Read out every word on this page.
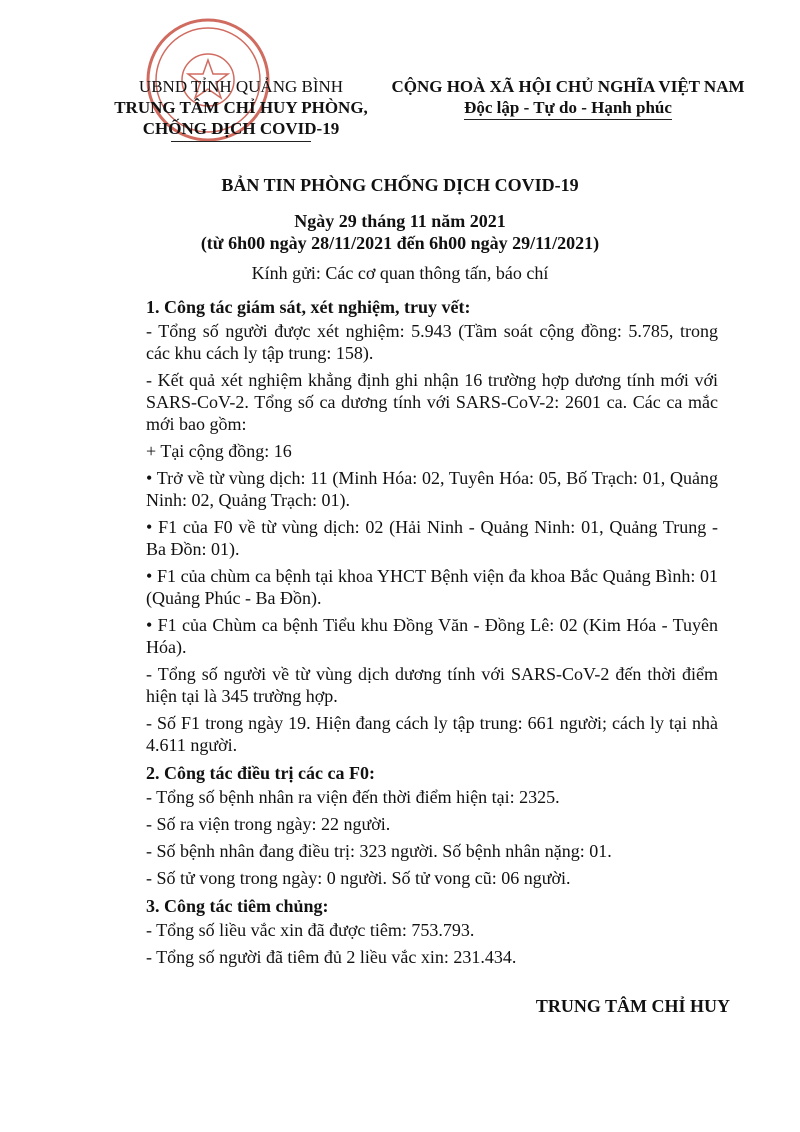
UBND TỈNH QUẢNG BÌNH
TRUNG TÂM CHỈ HUY PHÒNG,
CHỐNG DỊCH COVID-19
CỘNG HOÀ XÃ HỘI CHỦ NGHĨA VIỆT NAM
Độc lập - Tự do - Hạnh phúc
BẢN TIN PHÒNG CHỐNG DỊCH COVID-19
Ngày 29 tháng 11 năm 2021
(từ 6h00 ngày 28/11/2021 đến 6h00 ngày 29/11/2021)
Kính gửi: Các cơ quan thông tấn, báo chí
1. Công tác giám sát, xét nghiệm, truy vết:
- Tổng số người được xét nghiệm: 5.943 (Tầm soát cộng đồng: 5.785, trong các khu cách ly tập trung: 158).
- Kết quả xét nghiệm khẳng định ghi nhận 16 trường hợp dương tính mới với SARS-CoV-2. Tổng số ca dương tính với SARS-CoV-2: 2601 ca. Các ca mắc mới bao gồm:
+ Tại cộng đồng: 16
• Trở về từ vùng dịch: 11 (Minh Hóa: 02, Tuyên Hóa: 05, Bố Trạch: 01, Quảng Ninh: 02, Quảng Trạch: 01).
• F1 của F0 về từ vùng dịch: 02 (Hải Ninh - Quảng Ninh: 01, Quảng Trung - Ba Đồn: 01).
• F1 của chùm ca bệnh tại khoa YHCT Bệnh viện đa khoa Bắc Quảng Bình: 01 (Quảng Phúc - Ba Đồn).
• F1 của Chùm ca bệnh Tiểu khu Đồng Văn - Đồng Lê: 02 (Kim Hóa - Tuyên Hóa).
- Tổng số người về từ vùng dịch dương tính với SARS-CoV-2 đến thời điểm hiện tại là 345 trường hợp.
- Số F1 trong ngày 19. Hiện đang cách ly tập trung: 661 người; cách ly tại nhà 4.611 người.
2. Công tác điều trị các ca F0:
- Tổng số bệnh nhân ra viện đến thời điểm hiện tại: 2325.
- Số ra viện trong ngày: 22 người.
- Số bệnh nhân đang điều trị: 323 người. Số bệnh nhân nặng: 01.
- Số tử vong trong ngày: 0 người. Số tử vong cũ: 06 người.
3. Công tác tiêm chủng:
- Tổng số liều vắc xin đã được tiêm: 753.793.
- Tổng số người đã tiêm đủ 2 liều vắc xin: 231.434.
TRUNG TÂM CHỈ HUY
